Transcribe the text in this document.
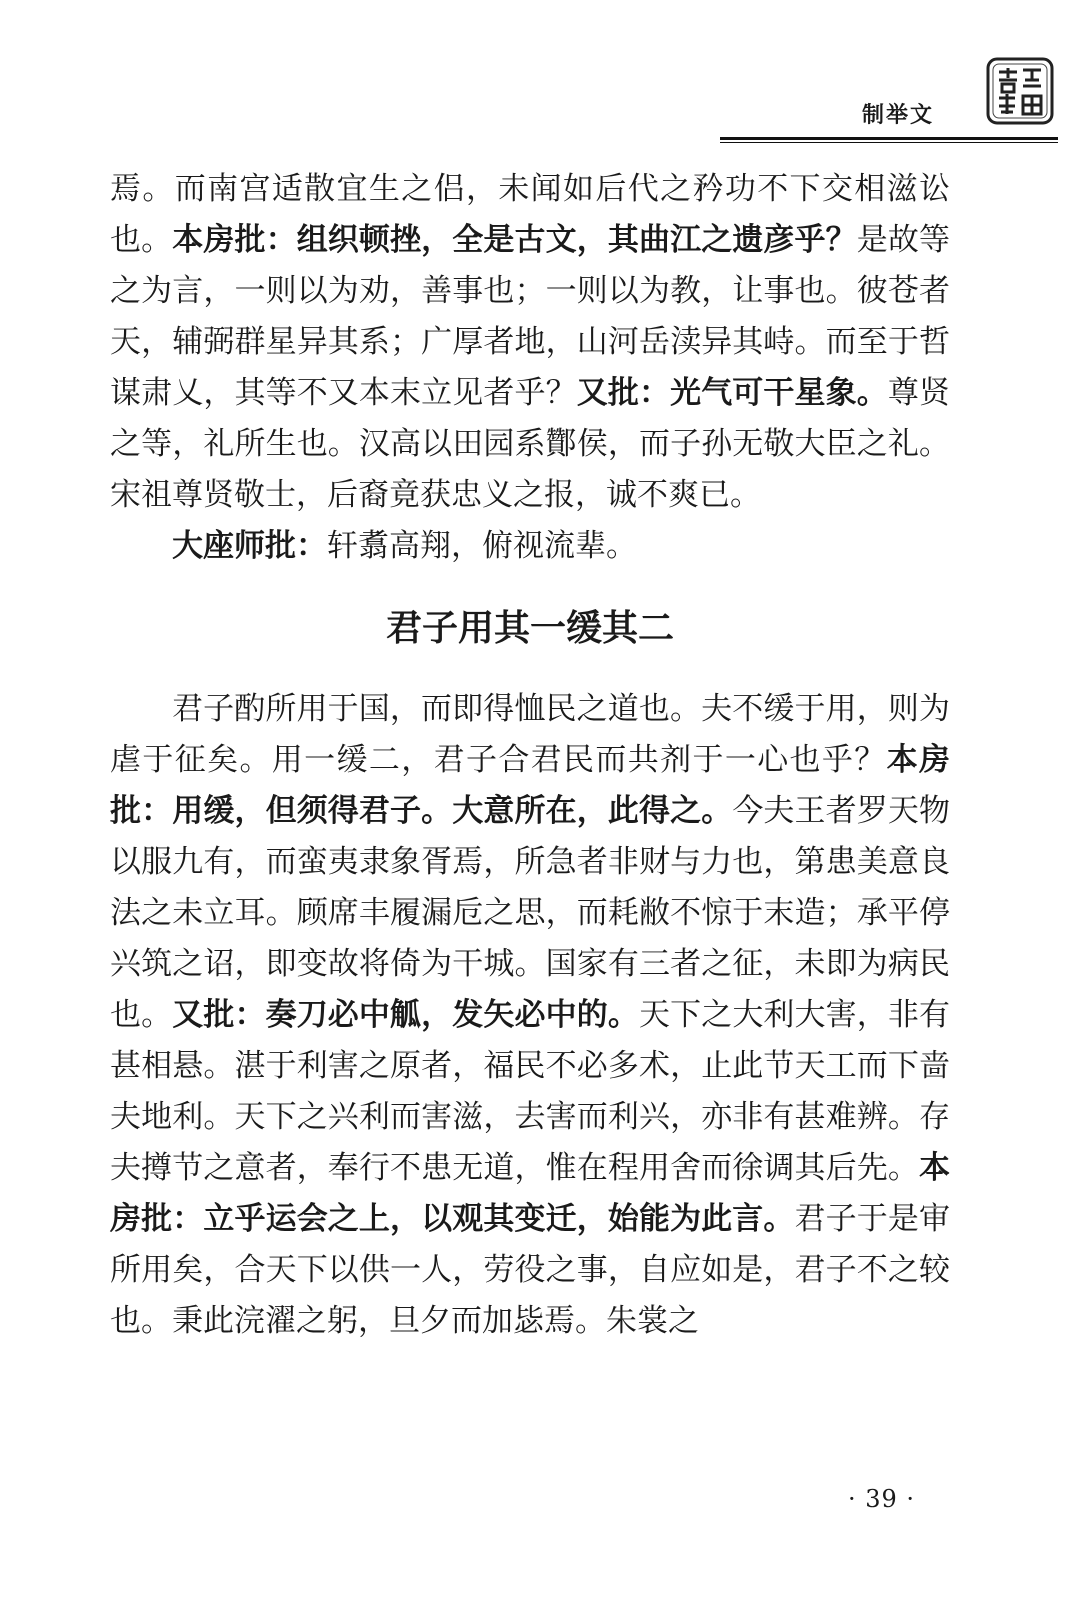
制举文

焉。而南宫适散宜生之侣，未闻如后代之矜功不下交相滋讼也。本房批：组织顿挫，全是古文，其曲江之遗彦乎？是故等之为言，一则以为劝，善事也；一则以为教，让事也。彼苍者天，辅弼群星异其系；广厚者地，山河岳渎异其峙。而至于哲谋肃乂，其等不又本末立见者乎？又批：光气可干星象。尊贤之等，礼所生也。汉高以田园系酇侯，而子孙无敬大臣之礼。宋祖尊贤敬士，后裔竟获忠义之报，诚不爽已。

大座师批：轩翥高翔，俯视流辈。

君子用其一缓其二

君子酌所用于国，而即得恤民之道也。夫不缓于用，则为虐于征矣。用一缓二，君子合君民而共剂于一心也乎？本房批：用缓，但须得君子。大意所在，此得之。今夫王者罗天物以服九有，而蛮夷隶象胥焉，所急者非财与力也，第患美意良法之未立耳。顾席丰履漏卮之思，而耗敝不惊于末造；承平停兴筑之诏，即变故将倚为干城。国家有三者之征，未即为病民也。又批：奏刀必中觚，发矢必中的。天下之大利大害，非有甚相悬。湛于利害之原者，福民不必多术，止此节天工而下啬夫地利。天下之兴利而害滋，去害而利兴，亦非有甚难辨。存夫撙节之意者，奉行不患无道，惟在程用舍而徐调其后先。本房批：立乎运会之上，以观其变迁，始能为此言。君子于是审所用矣，合天下以供一人，劳役之事，自应如是，君子不之较也。秉此浣濯之躬，旦夕而加毖焉。朱裳之

· 39 ·
